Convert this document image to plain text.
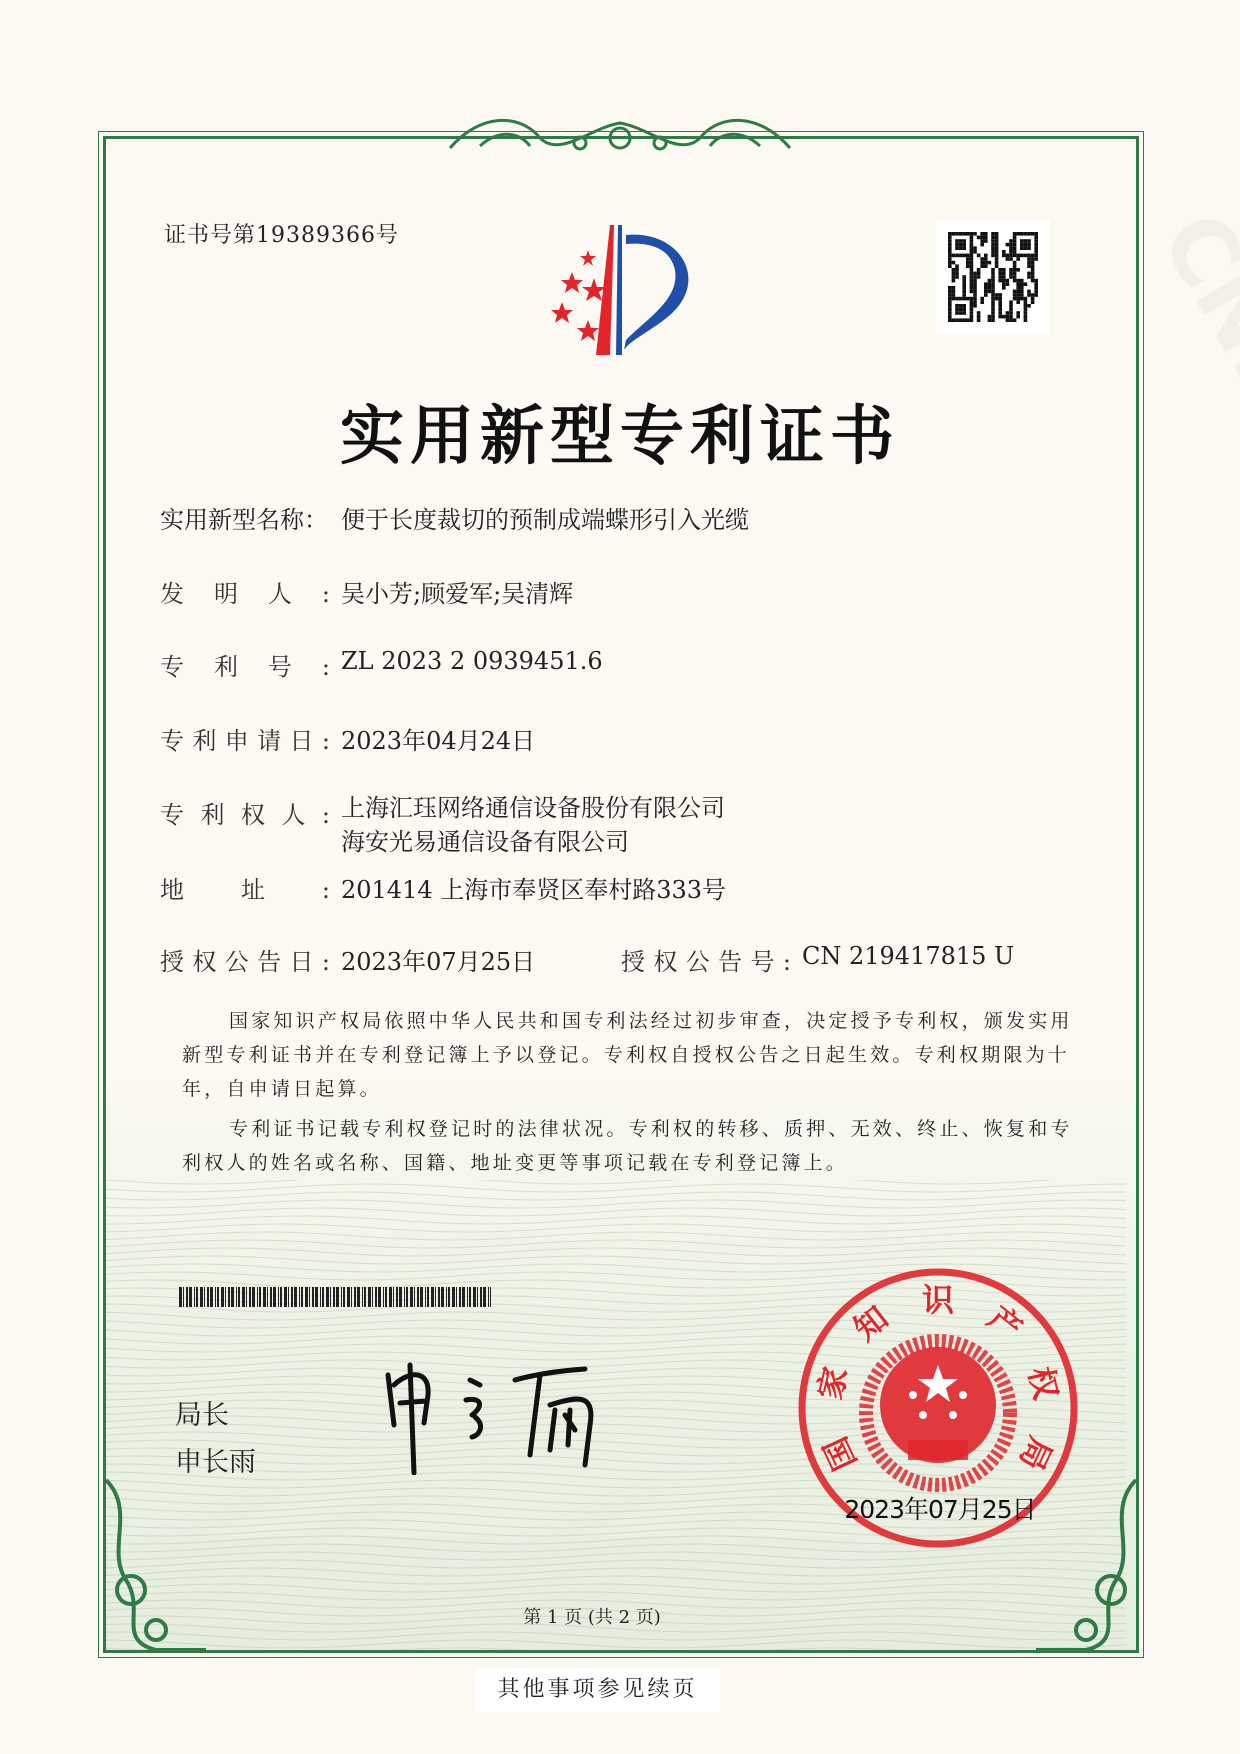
证书号第19389366号
实用新型专利证书
实用新型名称： 便于长度裁切的预制成端蝶形引入光缆
发明人: 吴小芳;顾爱军;吴清辉
专利号: ZL 2023 2 0939451.6
专利申请日: 2023年04月24日
专利权人: 上海汇珏网络通信设备股份有限公司
海安光易通信设备有限公司
地址: 201414 上海市奉贤区奉村路333号
授权公告日: 2023年07月25日	授权公告号: CN 219417815 U

国家知识产权局依照中华人民共和国专利法经过初步审查，决定授予专利权，颁发实用新型专利证书并在专利登记簿上予以登记。专利权自授权公告之日起生效。专利权期限为十年，自申请日起算。

专利证书记载专利权登记时的法律状况。专利权的转移、质押、无效、终止、恢复和专利权人的姓名或名称、国籍、地址变更等事项记载在专利登记簿上。

局长
申长雨	国
家
知 识 产
权
局
2023年07月25日
第 1 页 (共 2 页)
其他事项参见续页
